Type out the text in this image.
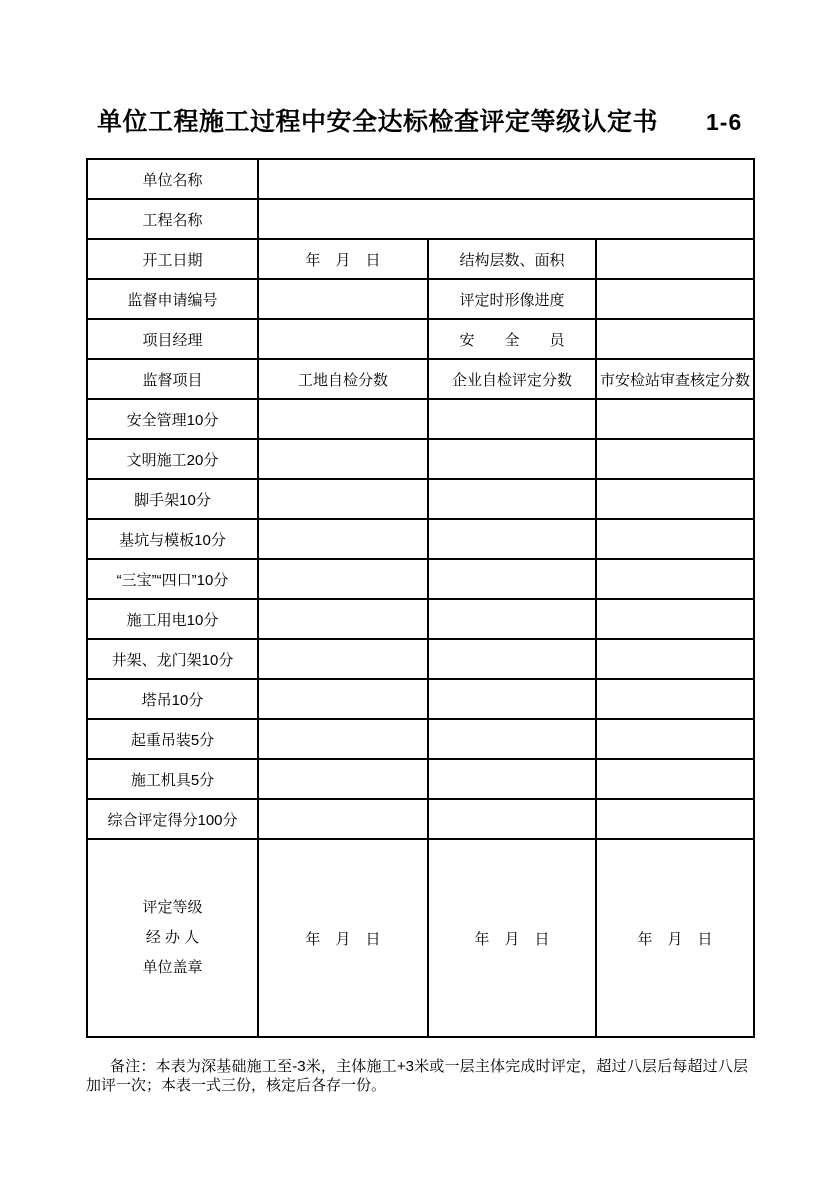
单位工程施工过程中安全达标检查评定等级认定书 1-6
单位名称			
工程名称			
开工日期	年　月　日	结构层数、面积	
监督申请编号		评定时形像进度	
项目经理		安　　全　　员	
监督项目	工地自检分数	企业自检评定分数	市安检站审查核定分数
安全管理10分			
文明施工20分			
脚手架10分			
基坑与模板10分			
“三宝”“四口”10分			
施工用电10分			
井架、龙门架10分			
塔吊10分			
起重吊装5分			
施工机具5分			
综合评定得分100分			

评定等级
经 办 人
单位盖章	年　月　日	年　月　日	年　月　日

备注：本表为深基础施工至-3米，主体施工+3米或一层主体完成时评定，超过八层后每超过八层加评一次；本表一式三份，核定后各存一份。
